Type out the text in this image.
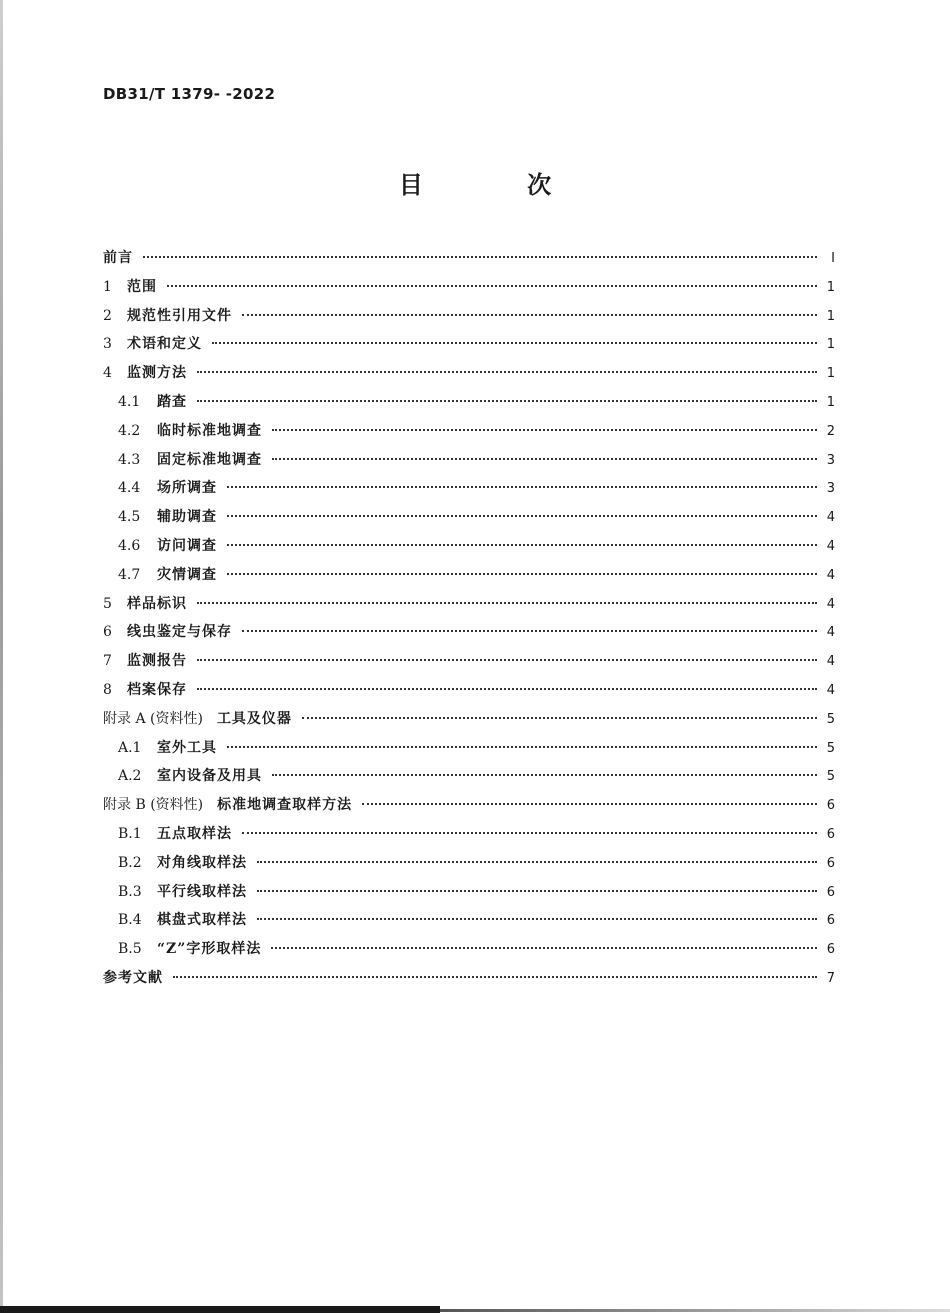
DB31/T 1379- -2022
目 次
前言	I
1	范围	1
2	规范性引用文件	1
3	术语和定义	1
4	监测方法	1
4.1	踏查	1
4.2	临时标准地调查	2
4.3	固定标准地调查	3
4.4	场所调查	3
4.5	辅助调查	4
4.6	访问调查	4
4.7	灾情调查	4
5	样品标识	4
6	线虫鉴定与保存	4
7	监测报告	4
8	档案保存	4
附录 A (资料性) 工具及仪器	5
A.1	室外工具	5
A.2	室内设备及用具	5
附录 B (资料性) 标准地调查取样方法	6
B.1	五点取样法	6
B.2	对角线取样法	6
B.3	平行线取样法	6
B.4	棋盘式取样法	6
B.5	“Z”字形取样法	6
参考文献	7
